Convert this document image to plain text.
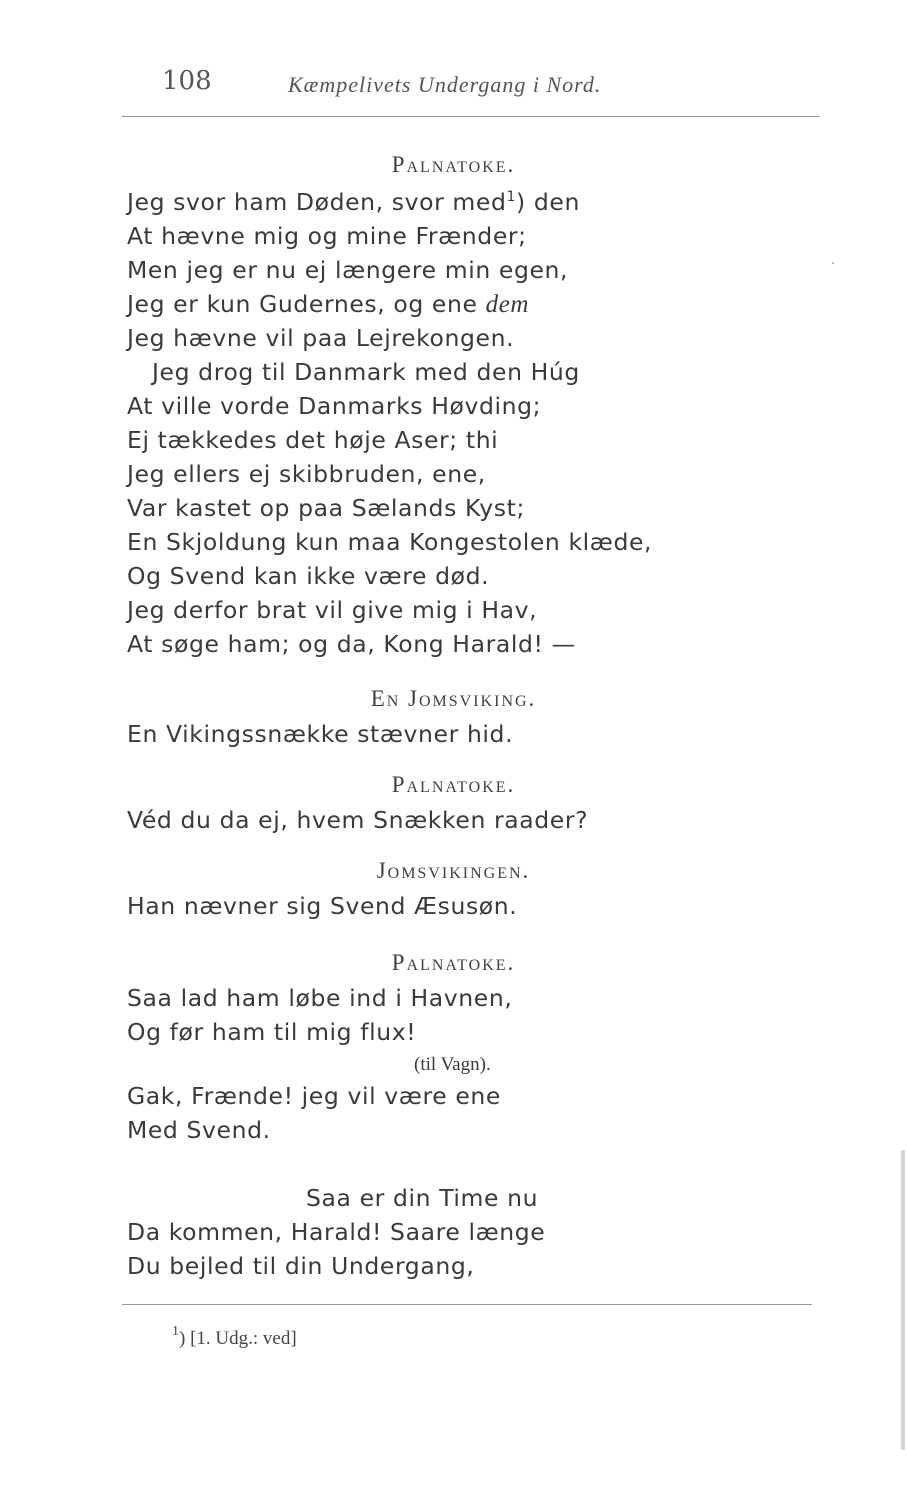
108	Kæmpelivets Undergang i Nord.
Palnatoke.
Jeg svor ham Døden, svor med$^1$) den
At hævne mig og mine Frænder;
Men jeg er nu ej længere min egen,
Jeg er kun Gudernes, og ene dem
Jeg hævne vil paa Lejrekongen.
Jeg drog til Danmark med den Húg
At ville vorde Danmarks Høvding;
Ej tækkedes det høje Aser; thi
Jeg ellers ej skibbruden, ene,
Var kastet op paa Sælands Kyst;
En Skjoldung kun maa Kongestolen klæde,
Og Svend kan ikke være død.
Jeg derfor brat vil give mig i Hav,
At søge ham; og da, Kong Harald! —
En Jomsviking.
En Vikingssnække stævner hid.
Palnatoke.
Véd du da ej, hvem Snækken raader?
Jomsvikingen.
Han nævner sig Svend Æsusøn.
Palnatoke.
Saa lad ham løbe ind i Havnen,
Og før ham til mig flux!
(til Vagn).
Gak, Frænde! jeg vil være ene
Med Svend.
Saa er din Time nu
Da kommen, Harald! Saare længe
Du bejled til din Undergang,
$^1$) [1. Udg.: ved]
